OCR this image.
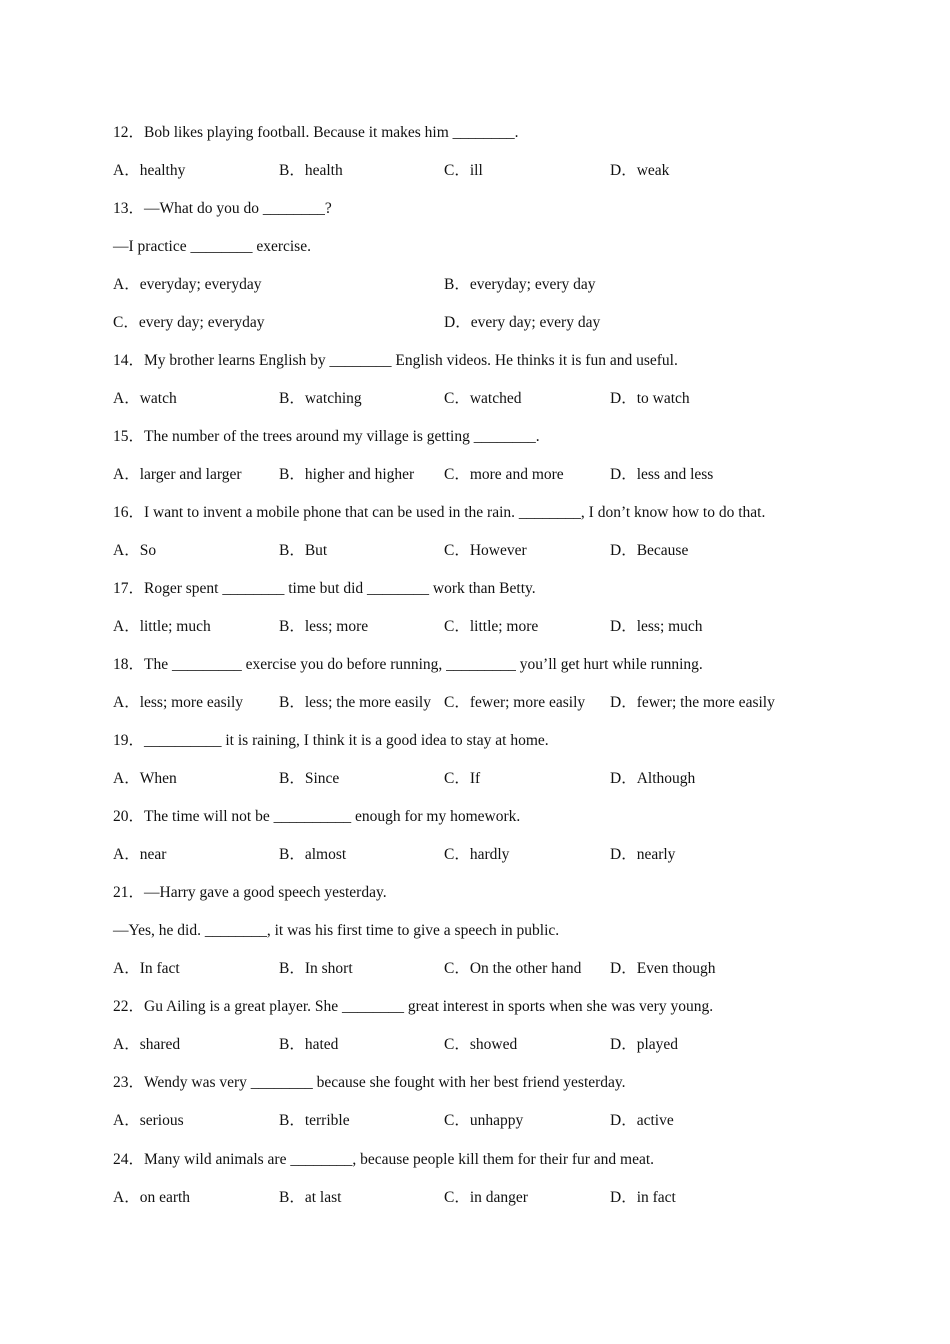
12．Bob likes playing football. Because it makes him ________.
A．healthy	B．health	C．ill	D．weak
13．—What do you do ________?
—I practice ________ exercise.
A．everyday; everyday	B．everyday; every day
C．every day; everyday	D．every day; every day
14．My brother learns English by ________ English videos. He thinks it is fun and useful.
A．watch	B．watching	C．watched	D．to watch
15．The number of the trees around my village is getting ________.
A．larger and larger B．higher and higher C．more and more	D．less and less
16．I want to invent a mobile phone that can be used in the rain. ________, I don’t know how to do that.
A．So	B．But	C．However	D．Because
17．Roger spent ________ time but did ________ work than Betty.
A．little; much	B．less; more	C．little; more	D．less; much
18．The _________ exercise you do before running, _________ you’ll get hurt while running.
A．less; more easily B．less; the more easily C．fewer; more easily D．fewer; the more easily
19．__________ it is raining, I think it is a good idea to stay at home.
A．When	B．Since	C．If	D．Although
20．The time will not be __________ enough for my homework.
A．near	B．almost	C．hardly	D．nearly
21．—Harry gave a good speech yesterday.
—Yes, he did. ________, it was his first time to give a speech in public.
A．In fact	B．In short	C．On the other hand D．Even though
22．Gu Ailing is a great player. She ________ great interest in sports when she was very young.
A．shared	B．hated	C．showed	D．played
23．Wendy was very ________ because she fought with her best friend yesterday.
A．serious	B．terrible	C．unhappy	D．active
24．Many wild animals are ________, because people kill them for their fur and meat.
A．on earth	B．at last	C．in danger	D．in fact
